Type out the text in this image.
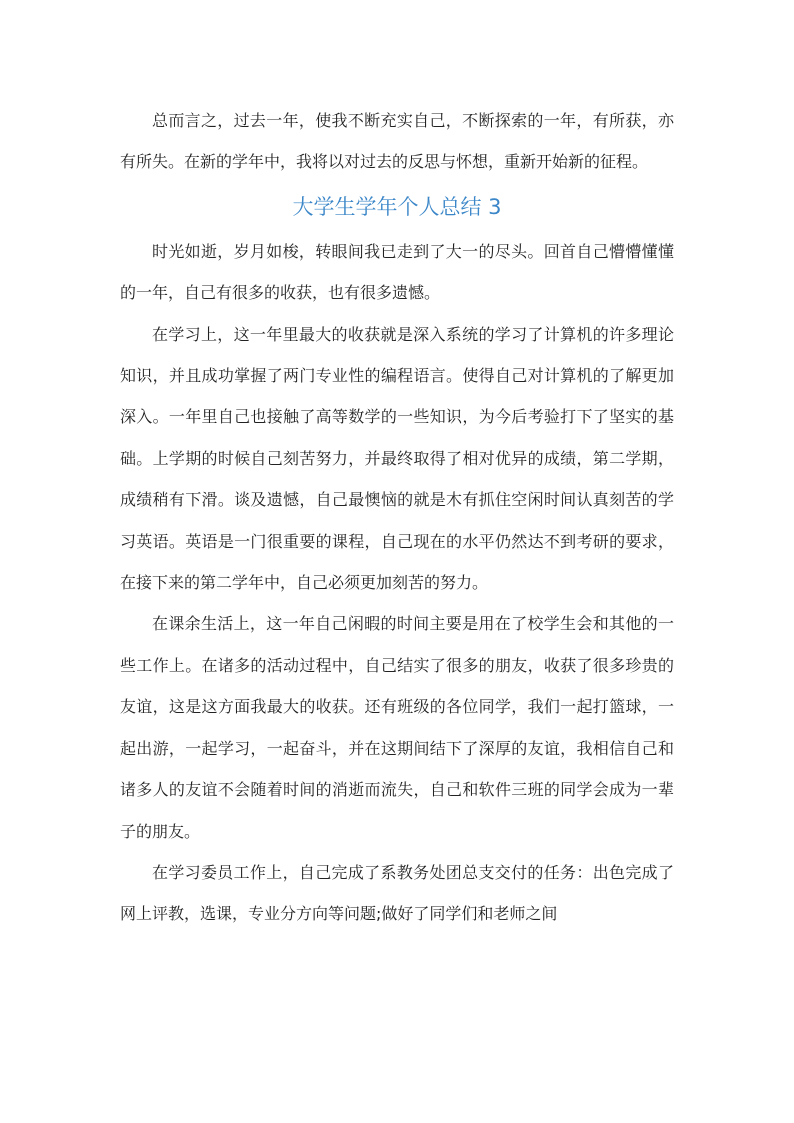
总而言之，过去一年，使我不断充实自己，不断探索的一年，有所获，亦有所失。在新的学年中，我将以对过去的反思与怀想，重新开始新的征程。

大学生学年个人总结 3

时光如逝，岁月如梭，转眼间我已走到了大一的尽头。回首自己懵懵懂懂的一年，自己有很多的收获，也有很多遗憾。

在学习上，这一年里最大的收获就是深入系统的学习了计算机的许多理论知识，并且成功掌握了两门专业性的编程语言。使得自己对计算机的了解更加深入。一年里自己也接触了高等数学的一些知识，为今后考验打下了坚实的基础。上学期的时候自己刻苦努力，并最终取得了相对优异的成绩，第二学期，成绩稍有下滑。谈及遗憾，自己最懊恼的就是木有抓住空闲时间认真刻苦的学习英语。英语是一门很重要的课程，自己现在的水平仍然达不到考研的要求，在接下来的第二学年中，自己必须更加刻苦的努力。

在课余生活上，这一年自己闲暇的时间主要是用在了校学生会和其他的一些工作上。在诸多的活动过程中，自己结实了很多的朋友，收获了很多珍贵的友谊，这是这方面我最大的收获。还有班级的各位同学，我们一起打篮球，一起出游，一起学习，一起奋斗，并在这期间结下了深厚的友谊，我相信自己和诸多人的友谊不会随着时间的消逝而流失，自己和软件三班的同学会成为一辈子的朋友。

在学习委员工作上，自己完成了系教务处团总支交付的任务：出色完成了网上评教，选课，专业分方向等问题;做好了同学们和老师之间
